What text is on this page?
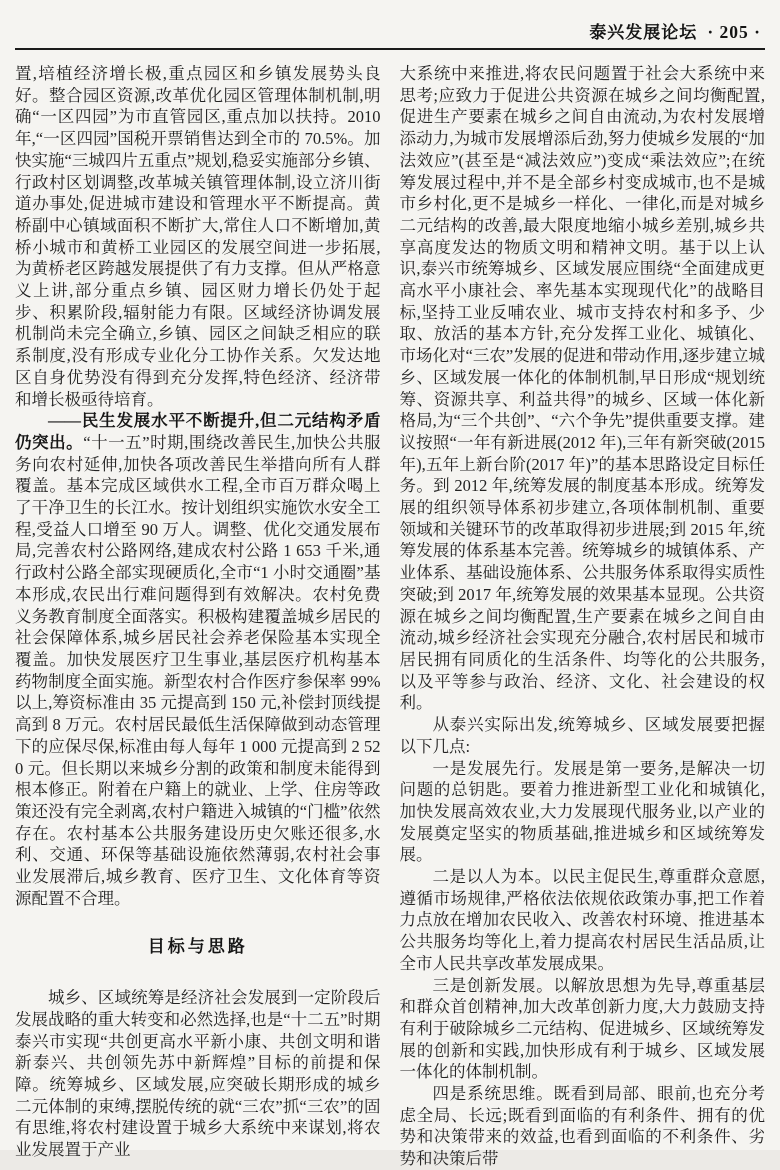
泰兴发展论坛 · 205 ·

置,培植经济增长极,重点园区和乡镇发展势头良好。整合园区资源,改革优化园区管理体制机制,明确“一区四园”为市直管园区,重点加以扶持。2010 年,“一区四园”国税开票销售达到全市的 70.5%。加快实施“三城四片五重点”规划,稳妥实施部分乡镇、行政村区划调整,改革城关镇管理体制,设立济川街道办事处,促进城市建设和管理水平不断提高。黄桥副中心镇域面积不断扩大,常住人口不断增加,黄桥小城市和黄桥工业园区的发展空间进一步拓展,为黄桥老区跨越发展提供了有力支撑。但从严格意义上讲,部分重点乡镇、园区财力增长仍处于起步、积累阶段,辐射能力有限。区域经济协调发展机制尚未完全确立,乡镇、园区之间缺乏相应的联系制度,没有形成专业化分工协作关系。欠发达地区自身优势没有得到充分发挥,特色经济、经济带和增长极亟待培育。

——民生发展水平不断提升,但二元结构矛盾仍突出。“十一五”时期,围绕改善民生,加快公共服务向农村延伸,加快各项改善民生举措向所有人群覆盖。基本完成区域供水工程,全市百万群众喝上了干净卫生的长江水。按计划组织实施饮水安全工程,受益人口增至 90 万人。调整、优化交通发展布局,完善农村公路网络,建成农村公路 1 653 千米,通行政村公路全部实现硬质化,全市“1 小时交通圈”基本形成,农民出行难问题得到有效解决。农村免费义务教育制度全面落实。积极构建覆盖城乡居民的社会保障体系,城乡居民社会养老保险基本实现全覆盖。加快发展医疗卫生事业,基层医疗机构基本药物制度全面实施。新型农村合作医疗参保率 99%以上,筹资标准由 35 元提高到 150 元,补偿封顶线提高到 8 万元。农村居民最低生活保障做到动态管理下的应保尽保,标准由每人每年 1 000 元提高到 2 520 元。但长期以来城乡分割的政策和制度未能得到根本修正。附着在户籍上的就业、上学、住房等政策还没有完全剥离,农村户籍进入城镇的“门槛”依然存在。农村基本公共服务建设历史欠账还很多,水利、交通、环保等基础设施依然薄弱,农村社会事业发展滞后,城乡教育、医疗卫生、文化体育等资源配置不合理。

目标与思路

城乡、区域统筹是经济社会发展到一定阶段后发展战略的重大转变和必然选择,也是“十二五”时期泰兴市实现“共创更高水平新小康、共创文明和谐新泰兴、共创领先苏中新辉煌”目标的前提和保障。统筹城乡、区域发展,应突破长期形成的城乡二元体制的束缚,摆脱传统的就“三农”抓“三农”的固有思维,将农村建设置于城乡大系统中来谋划,将农业发展置于产业

大系统中来推进,将农民问题置于社会大系统中来思考;应致力于促进公共资源在城乡之间均衡配置,促进生产要素在城乡之间自由流动,为农村发展增添动力,为城市发展增添后劲,努力使城乡发展的“加法效应”(甚至是“减法效应”)变成“乘法效应”;在统筹发展过程中,并不是全部乡村变成城市,也不是城市乡村化,更不是城乡一样化、一律化,而是对城乡二元结构的改善,最大限度地缩小城乡差别,城乡共享高度发达的物质文明和精神文明。基于以上认识,泰兴市统筹城乡、区域发展应围绕“全面建成更高水平小康社会、率先基本实现现代化”的战略目标,坚持工业反哺农业、城市支持农村和多予、少取、放活的基本方针,充分发挥工业化、城镇化、市场化对“三农”发展的促进和带动作用,逐步建立城乡、区域发展一体化的体制机制,早日形成“规划统筹、资源共享、利益共得”的城乡、区域一体化新格局,为“三个共创”、“六个争先”提供重要支撑。建议按照“一年有新进展(2012 年),三年有新突破(2015 年),五年上新台阶(2017 年)”的基本思路设定目标任务。到 2012 年,统筹发展的制度基本形成。统筹发展的组织领导体系初步建立,各项体制机制、重要领域和关键环节的改革取得初步进展;到 2015 年,统筹发展的体系基本完善。统筹城乡的城镇体系、产业体系、基础设施体系、公共服务体系取得实质性突破;到 2017 年,统筹发展的效果基本显现。公共资源在城乡之间均衡配置,生产要素在城乡之间自由流动,城乡经济社会实现充分融合,农村居民和城市居民拥有同质化的生活条件、均等化的公共服务,以及平等参与政治、经济、文化、社会建设的权利。

从泰兴实际出发,统筹城乡、区域发展要把握以下几点:

一是发展先行。发展是第一要务,是解决一切问题的总钥匙。要着力推进新型工业化和城镇化,加快发展高效农业,大力发展现代服务业,以产业的发展奠定坚实的物质基础,推进城乡和区域统筹发展。

二是以人为本。以民主促民生,尊重群众意愿,遵循市场规律,严格依法依规依政策办事,把工作着力点放在增加农民收入、改善农村环境、推进基本公共服务均等化上,着力提高农村居民生活品质,让全市人民共享改革发展成果。

三是创新发展。以解放思想为先导,尊重基层和群众首创精神,加大改革创新力度,大力鼓励支持有利于破除城乡二元结构、促进城乡、区域统筹发展的创新和实践,加快形成有利于城乡、区域发展一体化的体制机制。

四是系统思维。既看到局部、眼前,也充分考虑全局、长远;既看到面临的有利条件、拥有的优势和决策带来的效益,也看到面临的不利条件、劣势和决策后带
